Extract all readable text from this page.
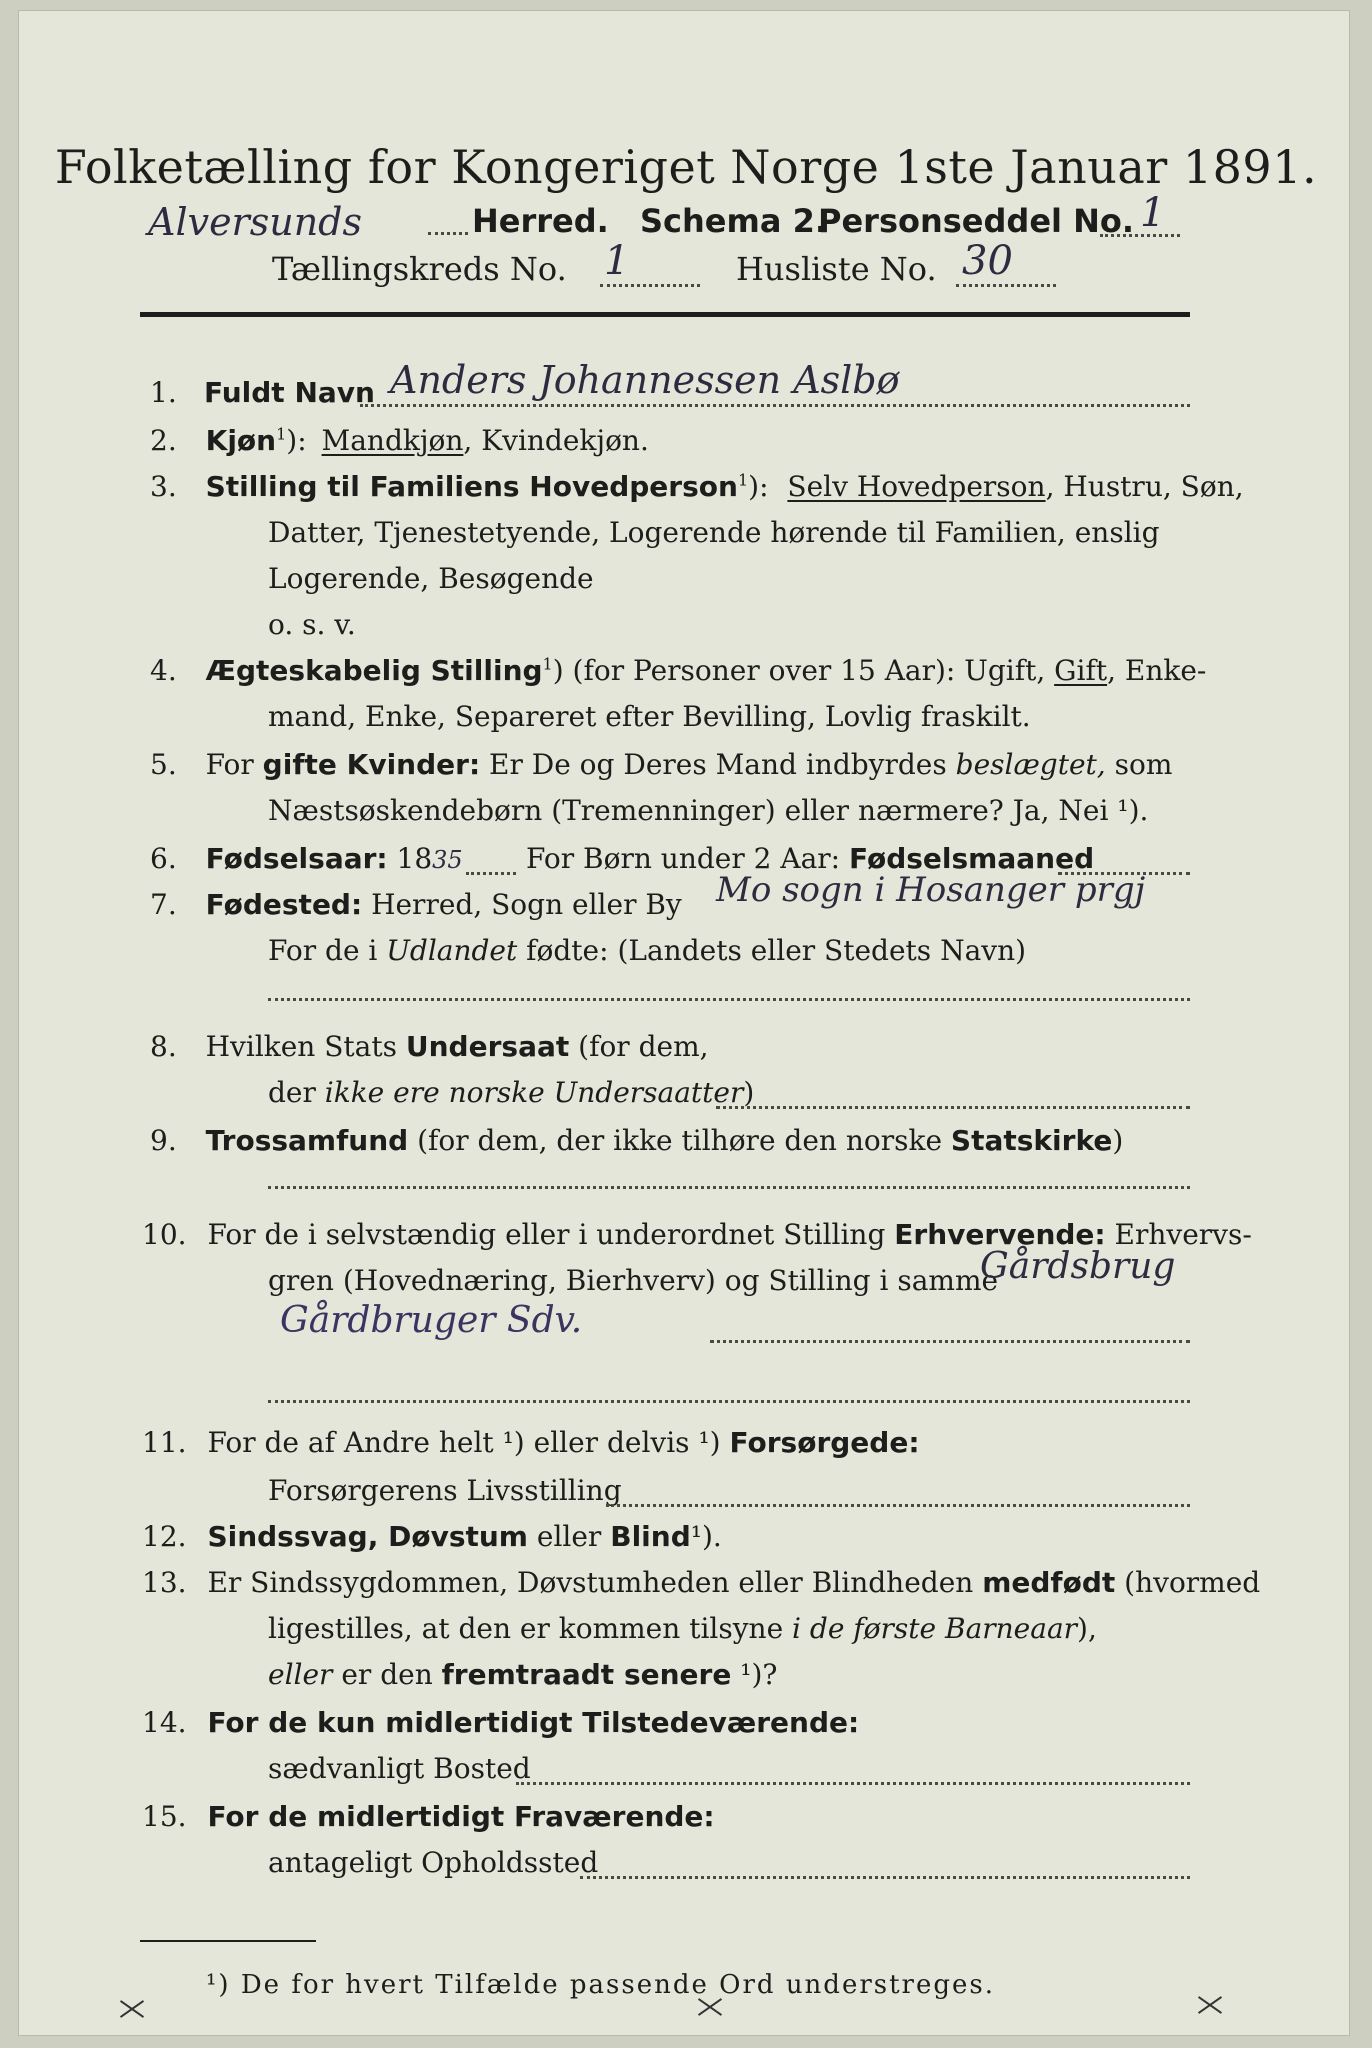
Folketælling for Kongeriget Norge 1ste Januar 1891.
Alversunds	Herred. Schema 2.
Personseddel No. 1
Tællingskreds No. 1	Husliste No. 30
1. Fuldt Navn Anders Johannessen Aslbø
2. Kjøn$^1$): Mandkjøn, Kvindekjøn.
3. Stilling til Familiens Hovedperson$^1$): Selv Hovedperson, Hustru, Søn,
Datter, Tjenestetyende, Logerende hørende til Familien, enslig
Logerende, Besøgende
o. s. v.
4. Ægteskabelig Stilling$^1$) (for Personer over 15 Aar): Ugift, Gift, Enke-
mand, Enke, Separeret efter Bevilling, Lovlig fraskilt.
5. For gifte Kvinder: Er De og Deres Mand indbyrdes beslægtet, som
Næstsøskendebørn (Tremenninger) eller nærmere? Ja, Nei ¹).
6. Fødselsaar: 1835 For Børn under 2 Aar: Fødselsmaaned
7. Fødested: Herred, Sogn eller By Mo sogn i Hosanger prgj
For de i Udlandet fødte: (Landets eller Stedets Navn)
8. Hvilken Stats Undersaat (for dem,
der ikke ere norske Undersaatter)
9. Trossamfund (for dem, der ikke tilhøre den norske Statskirke)
10. For de i selvstændig eller i underordnet Stilling Erhvervende: Erhvervs-
gren (Hovednæring, Bierhverv) og Stilling i samme
Gårdsbrug
Gårdbruger Sdv.
11. For de af Andre helt ¹) eller delvis ¹) Forsørgede:
Forsørgerens Livsstilling
12. Sindssvag, Døvstum eller Blind¹).
13. Er Sindssygdommen, Døvstumheden eller Blindheden medfødt (hvormed
ligestilles, at den er kommen tilsyne i de første Barneaar),
eller er den fremtraadt senere ¹)?
14. For de kun midlertidigt Tilstedeværende:
sædvanligt Bosted
15. For de midlertidigt Fraværende:
antageligt Opholdssted
¹) De for hvert Tilfælde passende Ord understreges.
